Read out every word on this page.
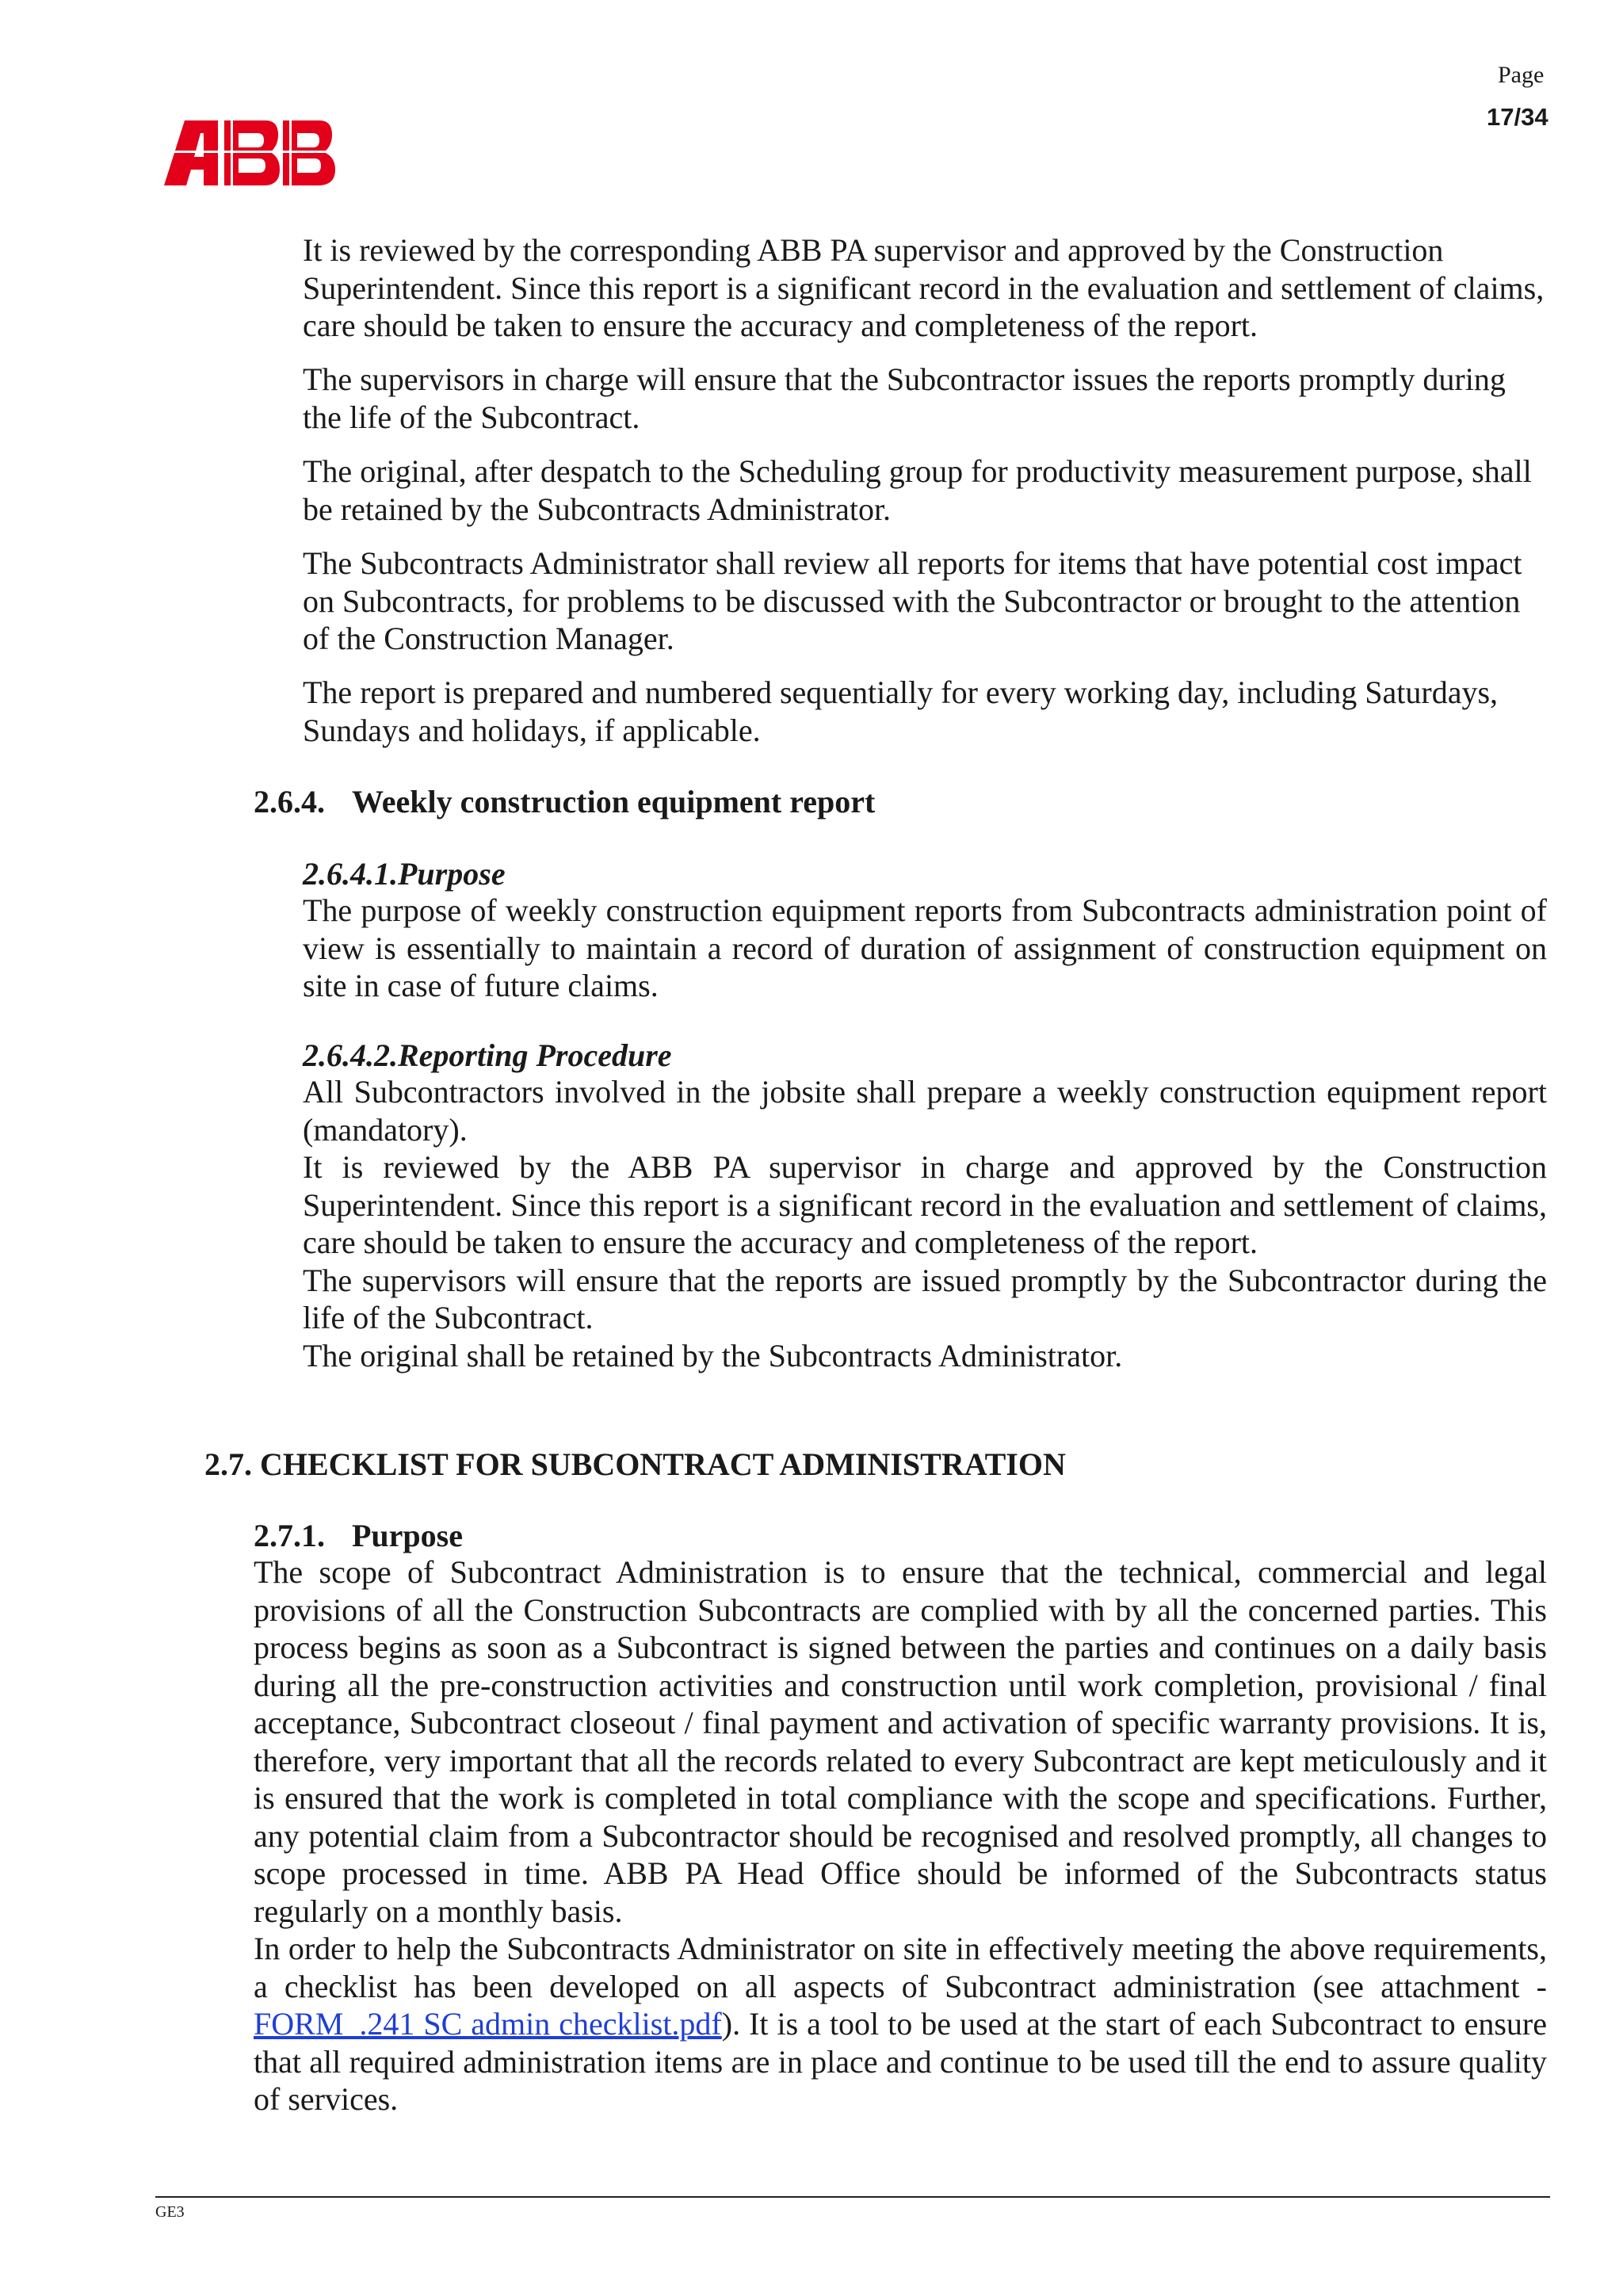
Page
17/34

It is reviewed by the corresponding ABB PA supervisor and approved by the Construction Superintendent. Since this report is a significant record in the evaluation and settlement of claims, care should be taken to ensure the accuracy and completeness of the report.

The supervisors in charge will ensure that the Subcontractor issues the reports promptly during the life of the Subcontract.

The original, after despatch to the Scheduling group for productivity measurement purpose, shall be retained by the Subcontracts Administrator.

The Subcontracts Administrator shall review all reports for items that have potential cost impact on Subcontracts, for problems to be discussed with the Subcontractor or brought to the attention of the Construction Manager.

The report is prepared and numbered sequentially for every working day, including Saturdays, Sundays and holidays, if applicable.

2.6.4. Weekly construction equipment report
2.6.4.1.Purpose

The purpose of weekly construction equipment reports from Subcontracts administration point of view is essentially to maintain a record of duration of assignment of construction equipment on site in case of future claims.

2.6.4.2.Reporting Procedure
All Subcontractors involved in the jobsite shall prepare a weekly construction equipment report (mandatory).
It is reviewed by the ABB PA supervisor in charge and approved by the Construction Superintendent. Since this report is a significant record in the evaluation and settlement of claims, care should be taken to ensure the accuracy and completeness of the report.
The supervisors will ensure that the reports are issued promptly by the Subcontractor during the life of the Subcontract.
The original shall be retained by the Subcontracts Administrator.
2.7. CHECKLIST FOR SUBCONTRACT ADMINISTRATION
2.7.1. Purpose

The scope of Subcontract Administration is to ensure that the technical, commercial and legal provisions of all the Construction Subcontracts are complied with by all the concerned parties. This process begins as soon as a Subcontract is signed between the parties and continues on a daily basis during all the pre-construction activities and construction until work completion, provisional / final acceptance, Subcontract closeout / final payment and activation of specific warranty provisions. It is, therefore, very important that all the records related to every Subcontract are kept meticulously and it is ensured that the work is completed in total compliance with the scope and specifications. Further, any potential claim from a Subcontractor should be recognised and resolved promptly, all changes to scope processed in time. ABB PA Head Office should be informed of the Subcontracts status regularly on a monthly basis.

In order to help the Subcontracts Administrator on site in effectively meeting the above requirements, a checklist has been developed on all aspects of Subcontract administration (see attachment - FORM_.241 SC admin checklist.pdf). It is a tool to be used at the start of each Subcontract to ensure that all required administration items are in place and continue to be used till the end to assure quality of services.

GE3
